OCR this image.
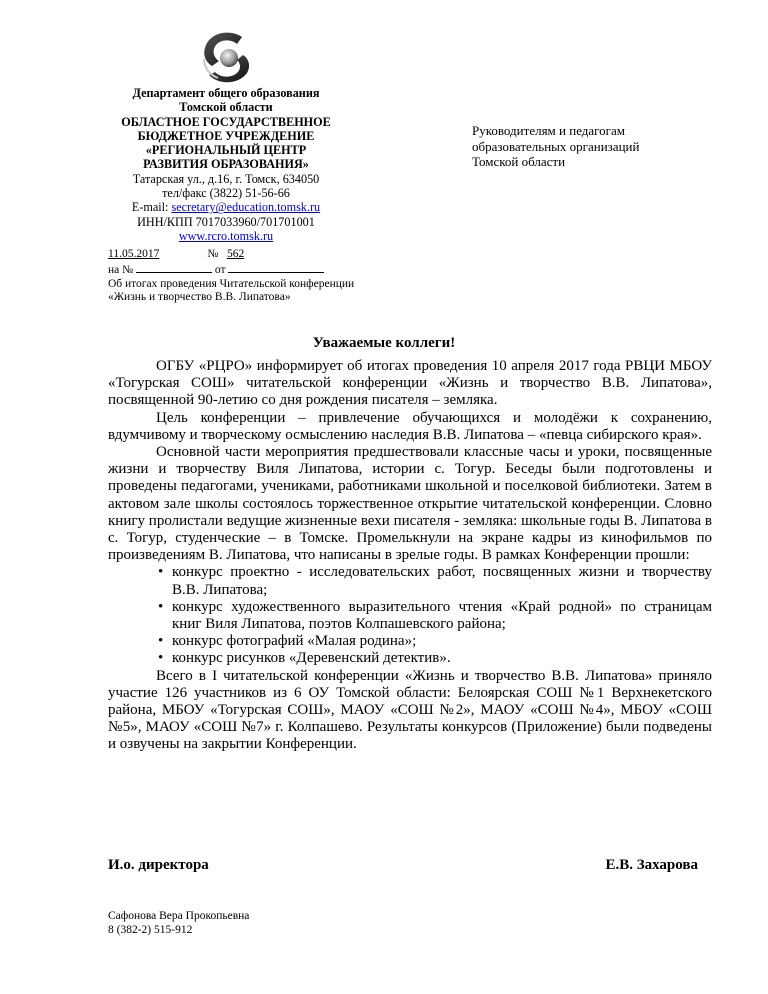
Департамент общего образования
Томской области
ОБЛАСТНОЕ ГОСУДАРСТВЕННОЕ
БЮДЖЕТНОЕ УЧРЕЖДЕНИЕ
«РЕГИОНАЛЬНЫЙ ЦЕНТР
РАЗВИТИЯ ОБРАЗОВАНИЯ»
Татарская ул., д.16, г. Томск, 634050
тел/факс (3822) 51-56-66
E-mail: secretary@education.tomsk.ru
ИНН/КПП 7017033960/701701001
www.rcro.tomsk.ru
Руководителям и педагогам
образовательных организаций
Томской области
11.05.2017	№ 562
на №	от
Об итогах проведения Читательской конференции
«Жизнь и творчество В.В. Липатова»
Уважаемые коллеги!

ОГБУ «РЦРО» информирует об итогах проведения 10 апреля 2017 года РВЦИ МБОУ «Тогурская СОШ» читательской конференции «Жизнь и творчество В.В. Липатова», посвященной 90-летию со дня рождения писателя – земляка.

Цель конференции – привлечение обучающихся и молодёжи к сохранению, вдумчивому и творческому осмыслению наследия В.В. Липатова – «певца сибирского края».

Основной части мероприятия предшествовали классные часы и уроки, посвященные жизни и творчеству Виля Липатова, истории с. Тогур. Беседы были подготовлены и проведены педагогами, учениками, работниками школьной и поселковой библиотеки. Затем в актовом зале школы состоялось торжественное открытие читательской конференции. Словно книгу пролистали ведущие жизненные вехи писателя - земляка: школьные годы В. Липатова в с. Тогур, студенческие – в Томске. Промелькнули на экране кадры из кинофильмов по произведениям В. Липатова, что написаны в зрелые годы. В рамках Конференции прошли:

• конкурс проектно - исследовательских работ, посвященных жизни и творчеству В.В. Липатова;
• конкурс художественного выразительного чтения «Край родной» по страницам книг Виля Липатова, поэтов Колпашевского района;
• конкурс фотографий «Малая родина»;
• конкурс рисунков «Деревенский детектив».

Всего в I читательской конференции «Жизнь и творчество В.В. Липатова» приняло участие 126 участников из 6 ОУ Томской области: Белоярская СОШ №1 Верхнекетского района, МБОУ «Тогурская СОШ», МАОУ «СОШ №2», МАОУ «СОШ №4», МБОУ «СОШ №5», МАОУ «СОШ №7» г. Колпашево. Результаты конкурсов (Приложение) были подведены и озвучены на закрытии Конференции.

И.о. директора	Е.В. Захарова
Сафонова Вера Прокопьевна
8 (382-2) 515-912
